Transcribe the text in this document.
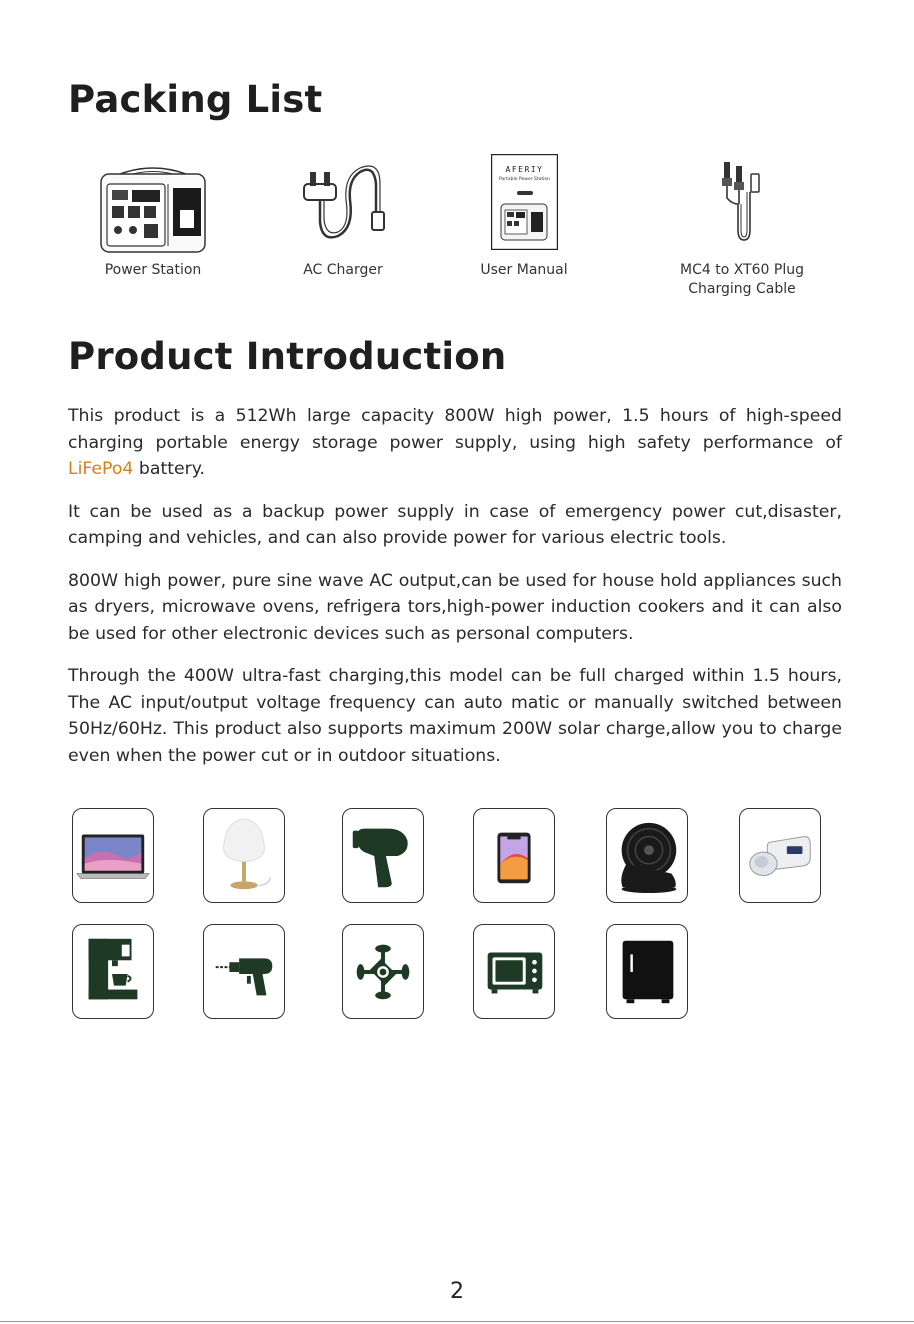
Packing List
Power Station	AC Charger
AFERIY
Portable Power Station
User Manual	MC4 to XT60 Plug
Charging Cable
Product Introduction

This product is a 512Wh large capacity 800W high power, 1.5 hours of high-speed charging portable energy storage power supply, using high safety performance of LiFePo4 battery.

It can be used as a backup power supply in case of emergency power cut,disaster, camping and vehicles, and can also provide power for various electric tools.

800W high power, pure sine wave AC output,can be used for house hold appliances such as dryers, microwave ovens, refrigera tors,high-power induction cookers and it can also be used for other electronic devices such as personal computers.

Through the 400W ultra-fast charging,this model can be full charged within 1.5 hours, The AC input/output voltage frequency can auto matic or manually switched between 50Hz/60Hz. This product also supports maximum 200W solar charge,allow you to charge even when the power cut or in outdoor situations.

2
